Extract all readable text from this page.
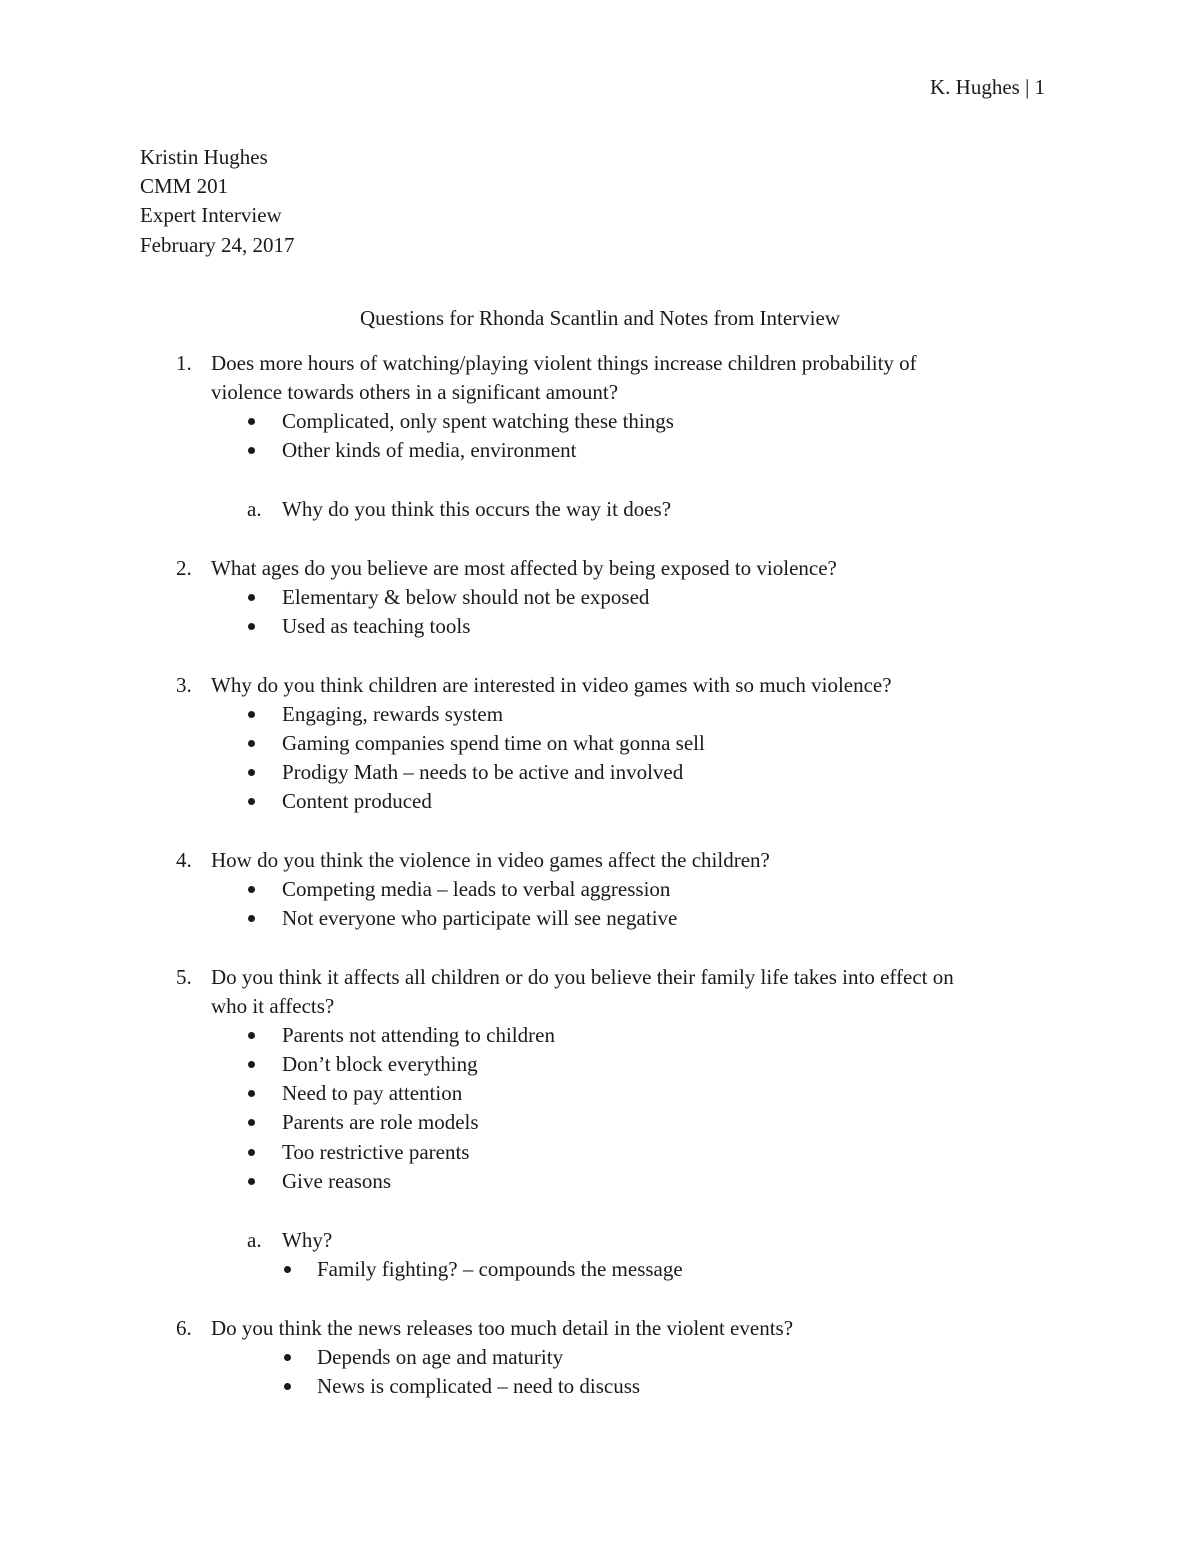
K. Hughes | 1
Kristin Hughes
CMM 201
Expert Interview
February 24, 2017
Questions for Rhonda Scantlin and Notes from Interview
1. Does more hours of watching/playing violent things increase children probability of
violence towards others in a significant amount?
Complicated, only spent watching these things
Other kinds of media, environment
a. Why do you think this occurs the way it does?
2. What ages do you believe are most affected by being exposed to violence?
Elementary & below should not be exposed
Used as teaching tools
3. Why do you think children are interested in video games with so much violence?
Engaging, rewards system
Gaming companies spend time on what gonna sell
Prodigy Math – needs to be active and involved
Content produced
4. How do you think the violence in video games affect the children?
Competing media – leads to verbal aggression
Not everyone who participate will see negative
5. Do you think it affects all children or do you believe their family life takes into effect on
who it affects?
Parents not attending to children
Don’t block everything
Need to pay attention
Parents are role models
Too restrictive parents
Give reasons
a. Why?
Family fighting? – compounds the message
6. Do you think the news releases too much detail in the violent events?
Depends on age and maturity
News is complicated – need to discuss
